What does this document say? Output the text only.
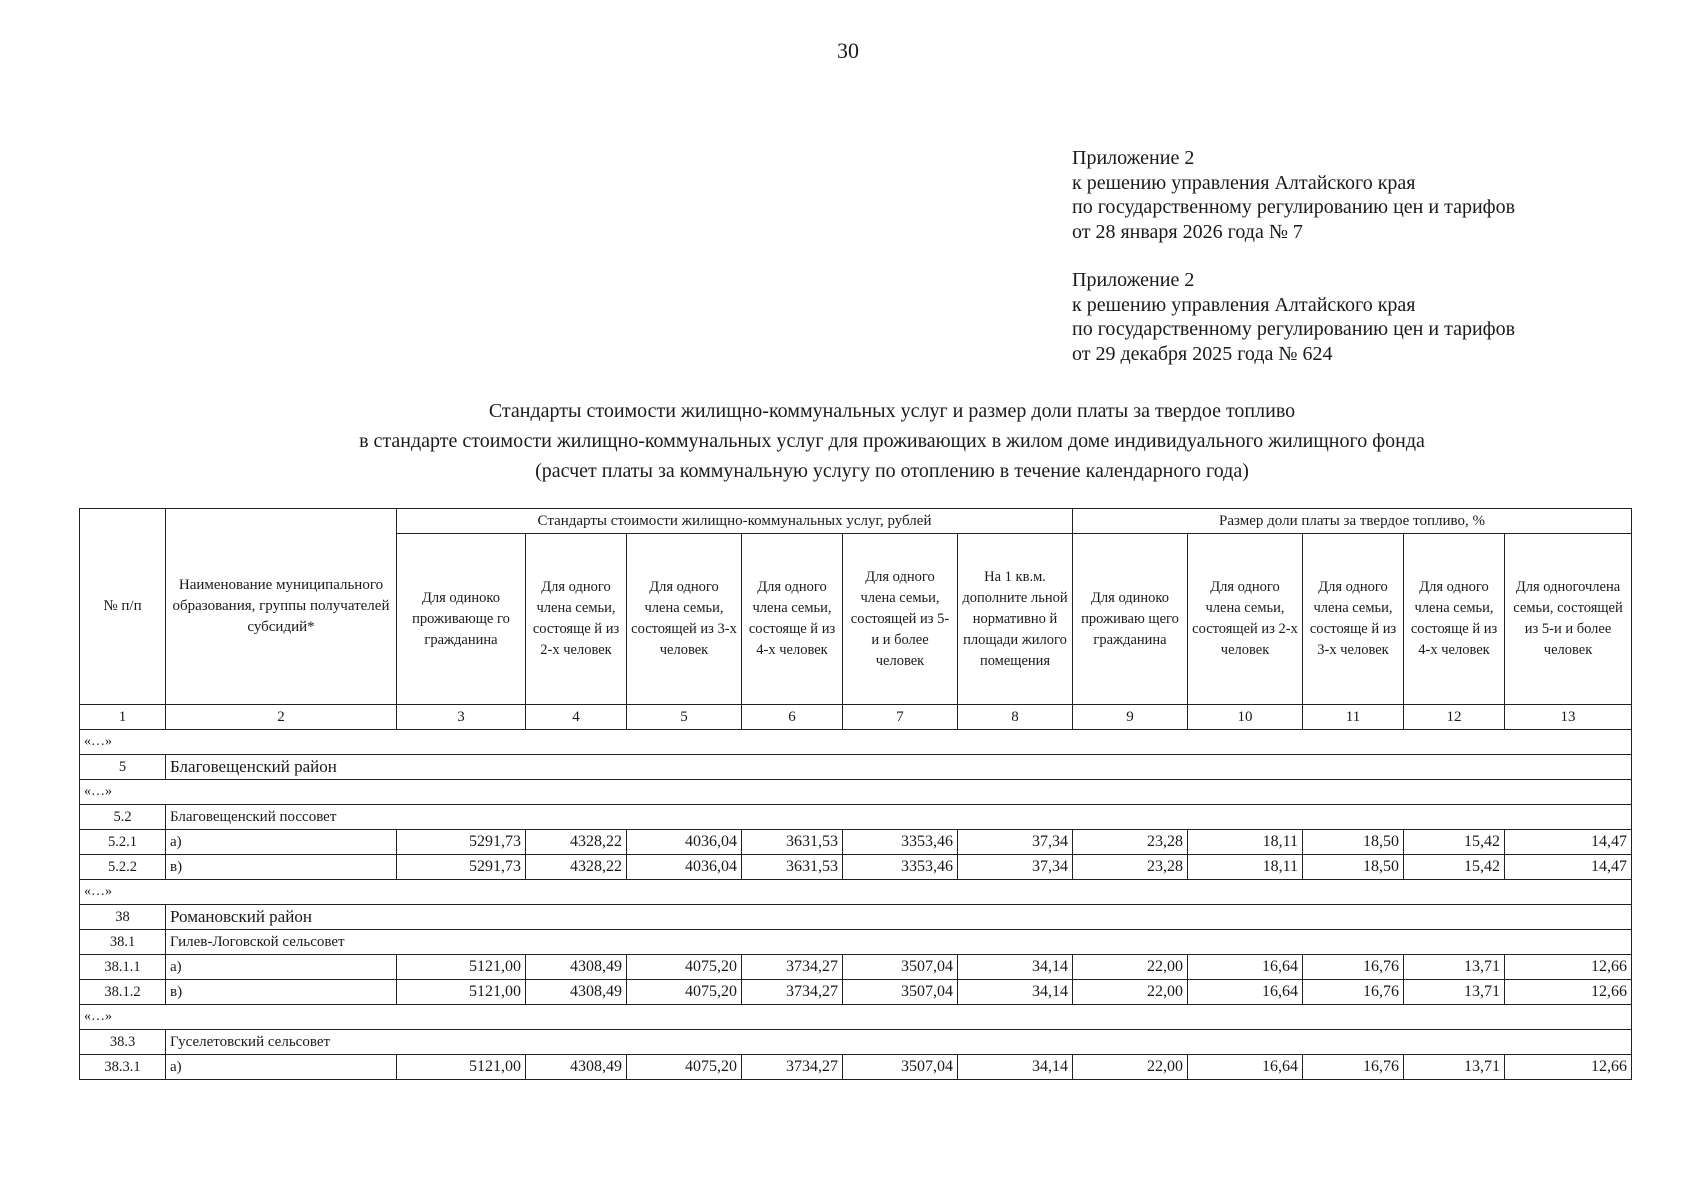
30
Приложение 2
к решению управления Алтайского края
по государственному регулированию цен и тарифов
от 28 января 2026 года № 7
Приложение 2
к решению управления Алтайского края
по государственному регулированию цен и тарифов
от 29 декабря 2025 года № 624
Стандарты стоимости жилищно-коммунальных услуг и размер доли платы за твердое топливо
в стандарте стоимости жилищно-коммунальных услуг для проживающих в жилом доме индивидуального жилищного фонда
(расчет платы за коммунальную услугу по отоплению в течение календарного года)
№ п/п	Наименование муниципального образования, группы получателей субсидий*	Стандарты стоимости жилищно-коммунальных услуг, рублей						Размер доли платы за твердое топливо, %				
		Для одиноко проживающе го гражданина	Для одного члена семьи, состояще й из 2-х человек	Для одного члена семьи, состоящей из 3-х человек	Для одного члена семьи, состояще й из 4-х человек	Для одного члена семьи, состоящей из 5-и и более человек	На 1 кв.м. дополните льной нормативно й площади жилого помещения	Для одиноко проживаю щего гражданина	Для одного члена семьи, состоящей из 2-х человек	Для одного члена семьи, состояще й из 3-х человек	Для одного члена семьи, состояще й из 4-х человек	Для одногочлена семьи, состоящей из 5-и и более человек
1	2	3	4	5	6	7	8	9	10	11	12	13
«…»												
5	Благовещенский район											
«…»												
5.2	Благовещенский поссовет											
5.2.1	а)	5291,73	4328,22	4036,04	3631,53	3353,46	37,34	23,28	18,11	18,50	15,42	14,47
5.2.2	в)	5291,73	4328,22	4036,04	3631,53	3353,46	37,34	23,28	18,11	18,50	15,42	14,47
«…»												
38	Романовский район											
38.1	Гилев-Логовской сельсовет											
38.1.1	а)	5121,00	4308,49	4075,20	3734,27	3507,04	34,14	22,00	16,64	16,76	13,71	12,66
38.1.2	в)	5121,00	4308,49	4075,20	3734,27	3507,04	34,14	22,00	16,64	16,76	13,71	12,66
«…»												
38.3	Гуселетовский сельсовет											
38.3.1	а)	5121,00	4308,49	4075,20	3734,27	3507,04	34,14	22,00	16,64	16,76	13,71	12,66
